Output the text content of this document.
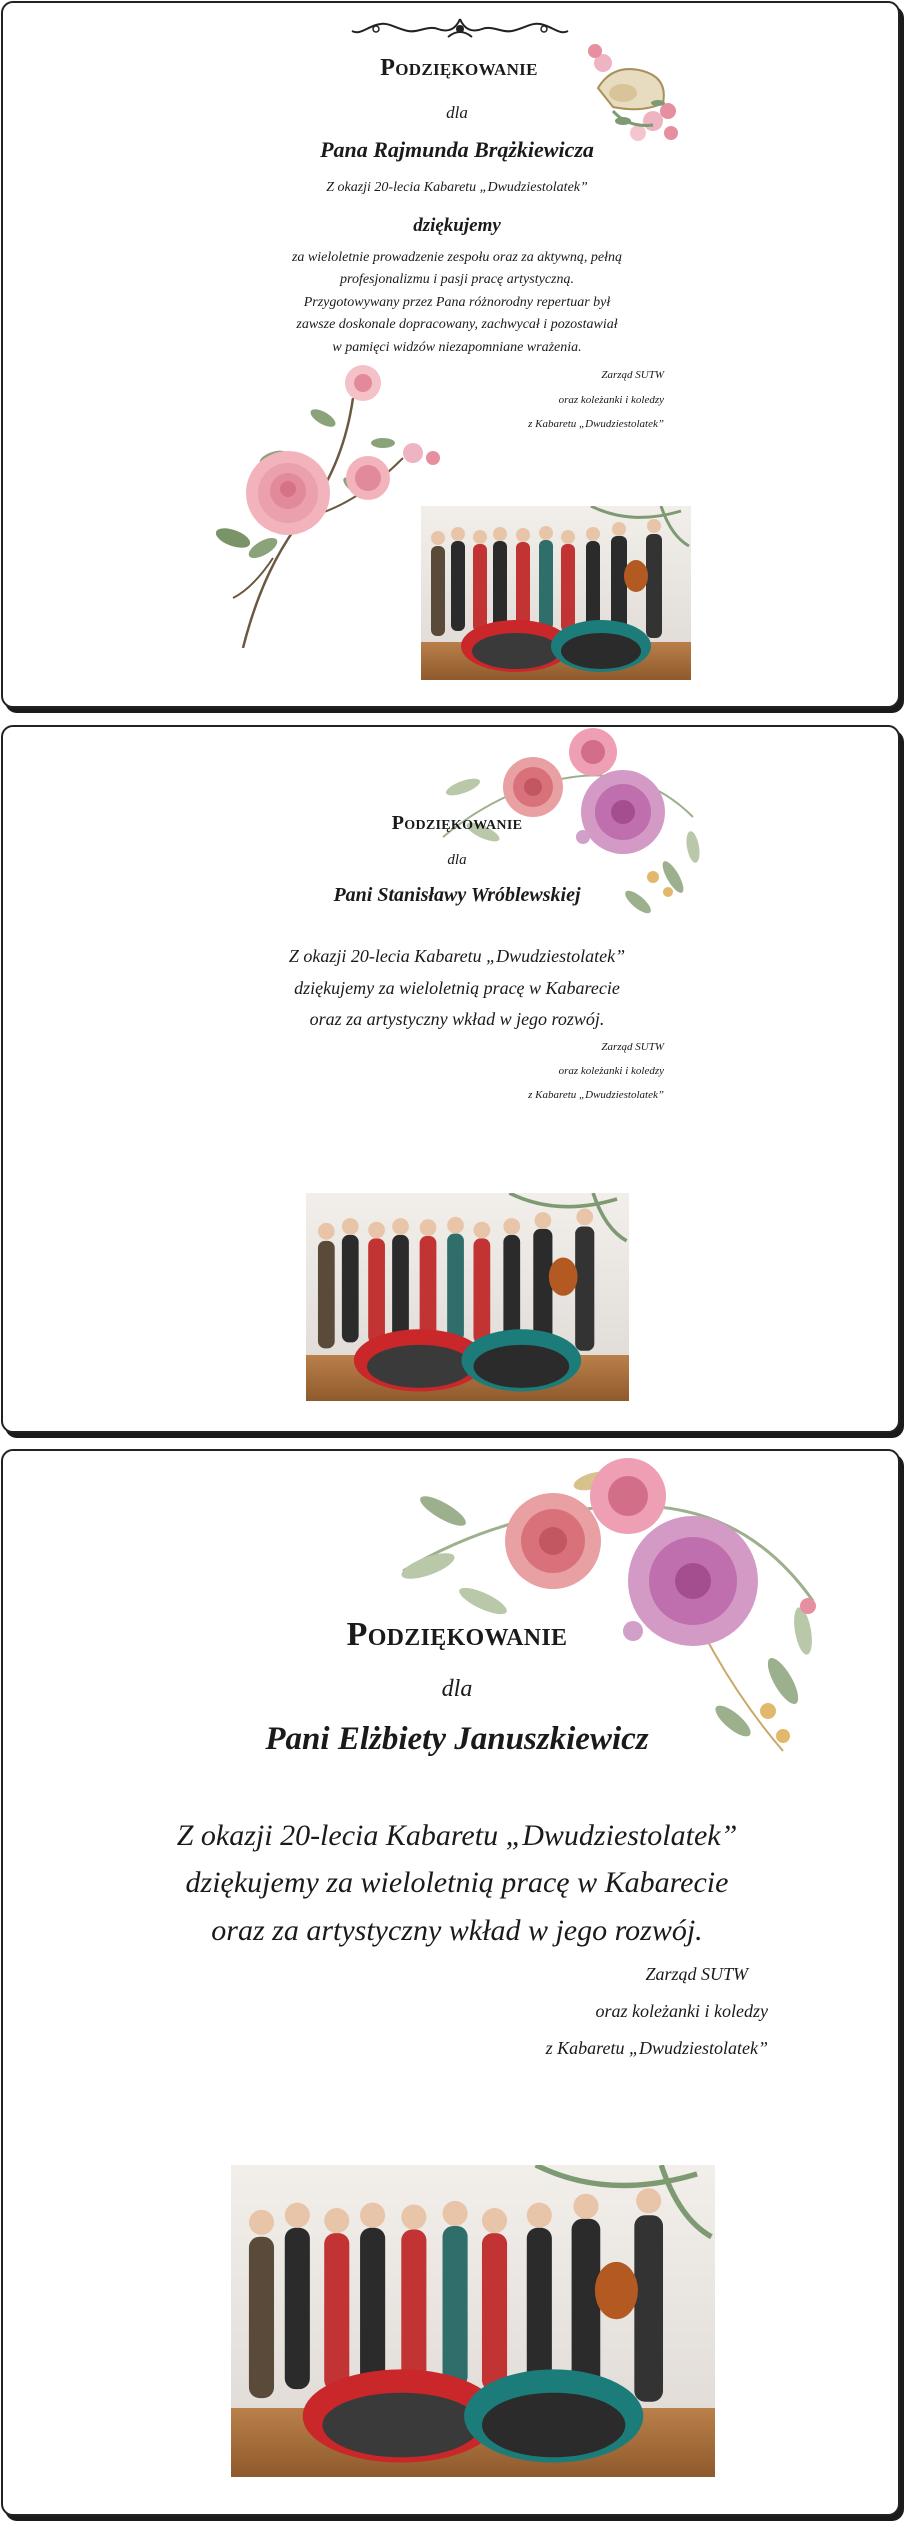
Podziękowanie
dla
Pana Rajmunda Brążkiewicza
Z okazji 20-lecia Kabaretu „Dwudziestolatek”
dziękujemy
za wieloletnie prowadzenie zespołu oraz za aktywną, pełną
profesjonalizmu i pasji pracę artystyczną.
Przygotowywany przez Pana różnorodny repertuar był
zawsze doskonale dopracowany, zachwycał i pozostawiał
w pamięci widzów niezapomniane wrażenia.
Zarząd SUTW
oraz koleżanki i koledzy
z Kabaretu „Dwudziestolatek”
Podziękowanie
dla
Pani Stanisławy Wróblewskiej
Z okazji 20-lecia Kabaretu „Dwudziestolatek”
dziękujemy za wieloletnią pracę w Kabarecie
oraz za artystyczny wkład w jego rozwój.
Zarząd SUTW
oraz koleżanki i koledzy
z Kabaretu „Dwudziestolatek”
Podziękowanie
dla
Pani Elżbiety Januszkiewicz
Z okazji 20-lecia Kabaretu „Dwudziestolatek”
dziękujemy za wieloletnią pracę w Kabarecie
oraz za artystyczny wkład w jego rozwój.
Zarząd SUTW
oraz koleżanki i koledzy
z Kabaretu „Dwudziestolatek”
